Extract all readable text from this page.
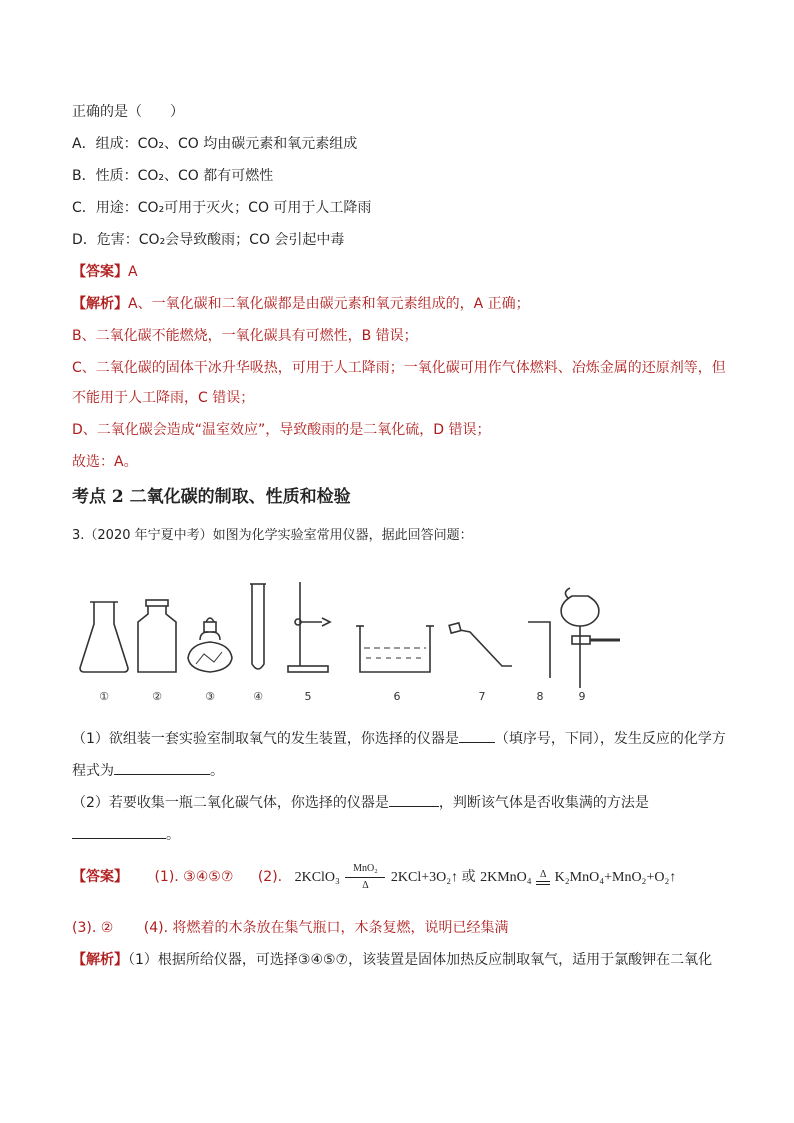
正确的是（　　）
A．组成：CO₂、CO 均由碳元素和氧元素组成
B．性质：CO₂、CO 都有可燃性
C．用途：CO₂可用于灭火；CO 可用于人工降雨
D．危害：CO₂会导致酸雨；CO 会引起中毒
【答案】A
【解析】A、一氧化碳和二氧化碳都是由碳元素和氧元素组成的，A 正确；
B、二氧化碳不能燃烧，一氧化碳具有可燃性，B 错误；
C、二氧化碳的固体干冰升华吸热，可用于人工降雨；一氧化碳可用作气体燃料、冶炼金属的还原剂等，但
不能用于人工降雨，C 错误；
D、二氧化碳会造成“温室效应”，导致酸雨的是二氧化硫，D 错误；
故选：A。
考点 2 二氧化碳的制取、性质和检验
3.（2020 年宁夏中考）如图为化学实验室常用仪器，据此回答问题：
①	②	③	④	5	6	7	8	9
（1）欲组装一套实验室制取氧气的发生装置，你选择的仪器是	（填序号，下同），发生反应的化学方
程式为	。
（2）若要收集一瓶二氧化碳气体，你选择的仪器是	，判断该气体是否收集满的方法是
。
【答案】 (1). ③④⑤⑦ (2). 2KClO₃
MnO₂
Δ
2KCl+3O₂↑ 或 2KMnO₄ Δ K₂MnO₄+MnO₂+O₂↑
(3). ② (4). 将燃着的木条放在集气瓶口，木条复燃，说明已经集满
【解析】（1）根据所给仪器，可选择③④⑤⑦，该装置是固体加热反应制取氧气，适用于氯酸钾在二氧化
